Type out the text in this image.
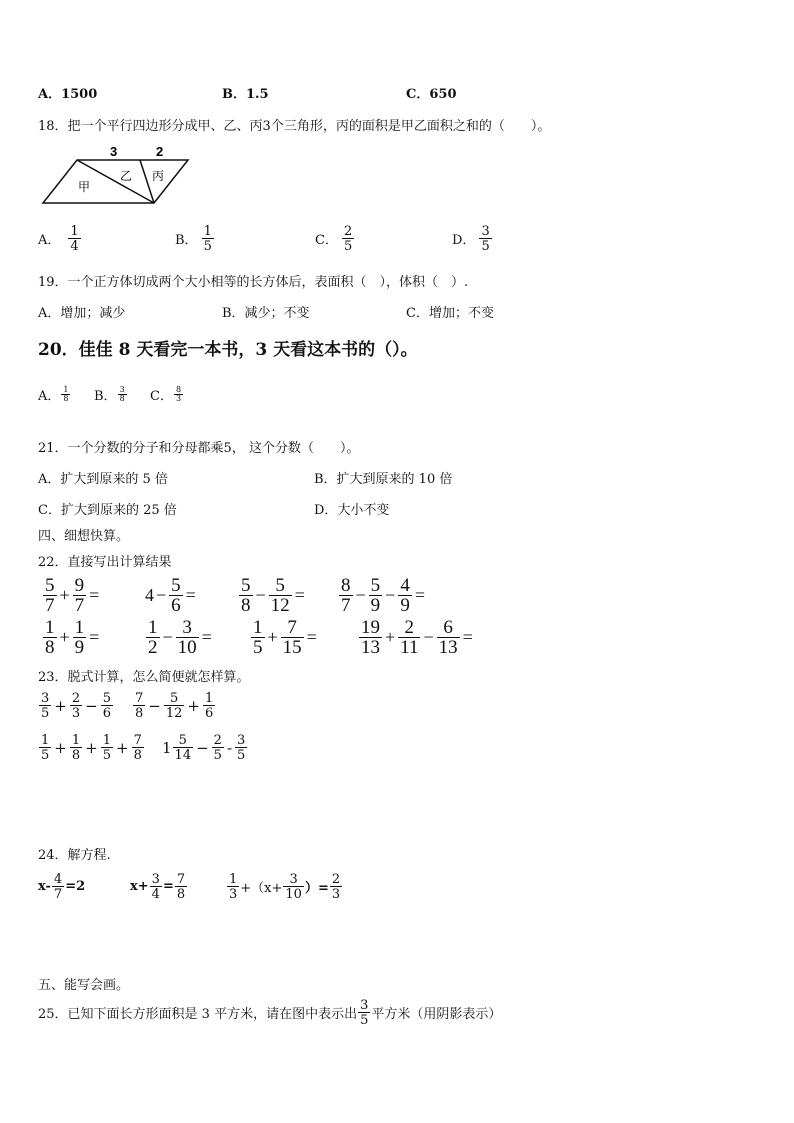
A．1500	B．1.5	C．650
18．把一个平行四边形分成甲、乙、丙3个三角形，丙的面积是甲乙面积之和的（　　）。
3	2
甲
乙 丙
A． $\frac{1}{4}$	B． $\frac{1}{5}$	C． $\frac{2}{5}$	D． $\frac{3}{5}$
19．一个正方体切成两个大小相等的长方体后，表面积（　），体积（　）.
A．增加；减少	B．减少；不变	C．增加；不变
20．佳佳 8 天看完一本书，3 天看这本书的（）。
A． $\frac{1}{8}$ B． $\frac{3}{8}$ C． $\frac{8}{3}$
21．一个分数的分子和分母都乘5， 这个分数（　　）。
A．扩大到原来的 5 倍	B．扩大到原来的 10 倍
C．扩大到原来的 25 倍	D．大小不变
四、细想快算。
22．直接写出计算结果
$\frac{5}{7} + \frac{9}{7}$ =	$4 - \frac{5}{6} = \frac{5}{8} - \frac{5}{12} = \frac{8}{7} - \frac{5}{9} - \frac{4}{9}$ =
$\frac{1}{8} + \frac{1}{9} = \frac{1}{2} - \frac{3}{10} = \frac{1}{5} + \frac{7}{15} = \frac{19}{13} + \frac{2}{11} - \frac{6}{13}$ =
23．脱式计算，怎么简便就怎样算。
$\frac{3}{5} + \frac{2}{3} - \frac{5}{6} \frac{7}{8} - \frac{5}{12} + \frac{1}{6}$
$\frac{1}{5} + \frac{1}{8} + \frac{1}{5} + \frac{7}{8} 1 \frac{5}{14} - \frac{2}{5} - \frac{3}{5}$
24．解方程.
$x- \frac{4}{7} =2$	$x+ \frac{3}{4} = \frac{7}{8}$	$\frac{1}{3} +(x+ \frac{3}{10}$ ）= $\frac{2}{3}$
五、能写会画。
25．已知下面长方形面积是 3 平方米，请在图中表示出 $\frac{3}{5}$ 平方米（用阴影表示）
